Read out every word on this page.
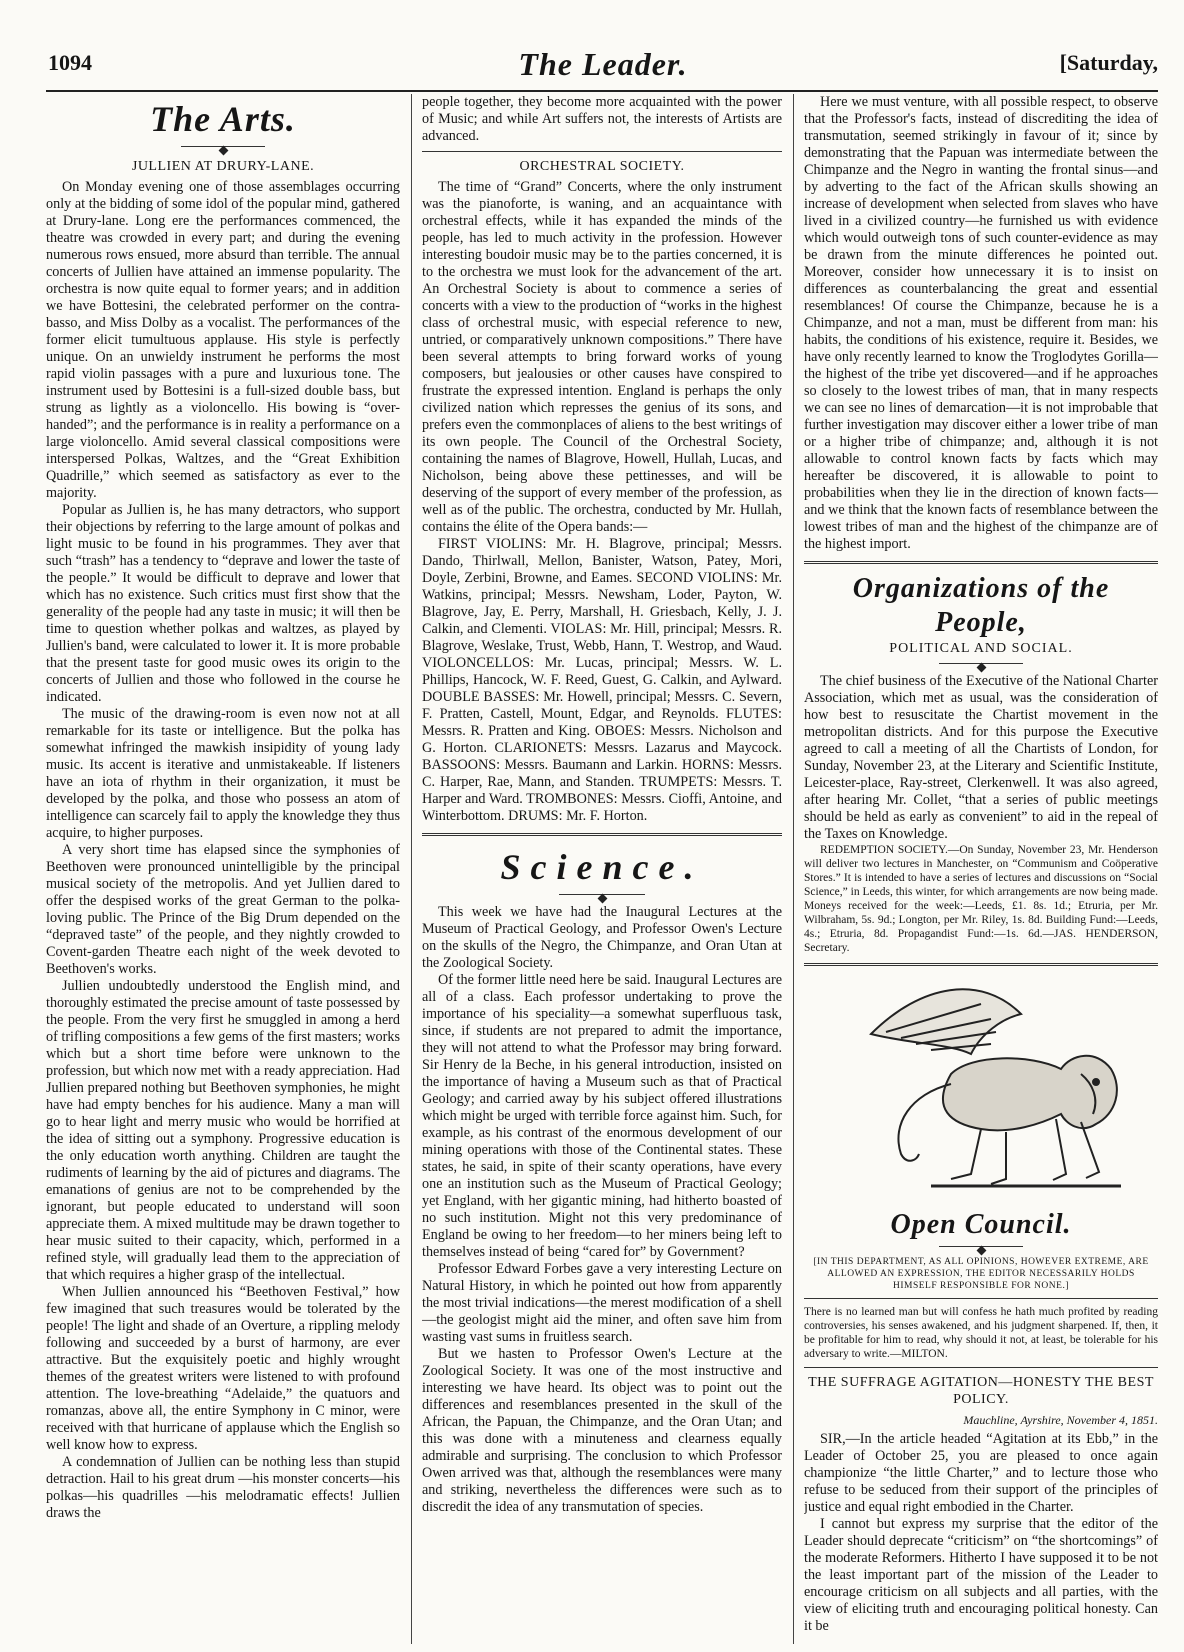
1094	The Leader.	[Saturday,
The Arts.
JULLIEN AT DRURY-LANE.

On Monday evening one of those assemblages occurring only at the bidding of some idol of the popular mind, gathered at Drury-lane. Long ere the performances commenced, the theatre was crowded in every part; and during the evening numerous rows ensued, more absurd than terrible. The annual concerts of Jullien have attained an immense popularity. The orchestra is now quite equal to former years; and in addition we have Bottesini, the celebrated performer on the contra-basso, and Miss Dolby as a vocalist. The performances of the former elicit tumultuous applause. His style is perfectly unique. On an unwieldy instrument he performs the most rapid violin passages with a pure and luxurious tone. The instrument used by Bottesini is a full-sized double bass, but strung as lightly as a violoncello. His bowing is “over-handed”; and the performance is in reality a performance on a large violoncello. Amid several classical compositions were interspersed Polkas, Waltzes, and the “Great Exhibition Quadrille,” which seemed as satisfactory as ever to the majority.

Popular as Jullien is, he has many detractors, who support their objections by referring to the large amount of polkas and light music to be found in his programmes. They aver that such “trash” has a tendency to “deprave and lower the taste of the people.” It would be difficult to deprave and lower that which has no existence. Such critics must first show that the generality of the people had any taste in music; it will then be time to question whether polkas and waltzes, as played by Jullien's band, were calculated to lower it. It is more probable that the present taste for good music owes its origin to the concerts of Jullien and those who followed in the course he indicated.

The music of the drawing-room is even now not at all remarkable for its taste or intelligence. But the polka has somewhat infringed the mawkish insipidity of young lady music. Its accent is iterative and unmistakeable. If listeners have an iota of rhythm in their organization, it must be developed by the polka, and those who possess an atom of intelligence can scarcely fail to apply the knowledge they thus acquire, to higher purposes.

A very short time has elapsed since the symphonies of Beethoven were pronounced unintelligible by the principal musical society of the metropolis. And yet Jullien dared to offer the despised works of the great German to the polka-loving public. The Prince of the Big Drum depended on the “depraved taste” of the people, and they nightly crowded to Covent-garden Theatre each night of the week devoted to Beethoven's works.

Jullien undoubtedly understood the English mind, and thoroughly estimated the precise amount of taste possessed by the people. From the very first he smuggled in among a herd of trifling compositions a few gems of the first masters; works which but a short time before were unknown to the profession, but which now met with a ready appreciation. Had Jullien prepared nothing but Beethoven symphonies, he might have had empty benches for his audience. Many a man will go to hear light and merry music who would be horrified at the idea of sitting out a symphony. Progressive education is the only education worth anything. Children are taught the rudiments of learning by the aid of pictures and diagrams. The emanations of genius are not to be comprehended by the ignorant, but people educated to understand will soon appreciate them. A mixed multitude may be drawn together to hear music suited to their capacity, which, performed in a refined style, will gradually lead them to the appreciation of that which requires a higher grasp of the intellectual.

When Jullien announced his “Beethoven Festival,” how few imagined that such treasures would be tolerated by the people! The light and shade of an Overture, a rippling melody following and succeeded by a burst of harmony, are ever attractive. But the exquisitely poetic and highly wrought themes of the greatest writers were listened to with profound attention. The love-breathing “Adelaide,” the quatuors and romanzas, above all, the entire Symphony in C minor, were received with that hurricane of applause which the English so well know how to express.

A condemnation of Jullien can be nothing less than stupid detraction. Hail to his great drum —his monster concerts—his polkas—his quadrilles —his melodramatic effects! Jullien draws the

people together, they become more acquainted with the power of Music; and while Art suffers not, the interests of Artists are advanced.

ORCHESTRAL SOCIETY.

The time of “Grand” Concerts, where the only instrument was the pianoforte, is waning, and an acquaintance with orchestral effects, while it has expanded the minds of the people, has led to much activity in the profession. However interesting boudoir music may be to the parties concerned, it is to the orchestra we must look for the advancement of the art. An Orchestral Society is about to commence a series of concerts with a view to the production of “works in the highest class of orchestral music, with especial reference to new, untried, or comparatively unknown compositions.” There have been several attempts to bring forward works of young composers, but jealousies or other causes have conspired to frustrate the expressed intention. England is perhaps the only civilized nation which represses the genius of its sons, and prefers even the commonplaces of aliens to the best writings of its own people. The Council of the Orchestral Society, containing the names of Blagrove, Howell, Hullah, Lucas, and Nicholson, being above these pettinesses, and will be deserving of the support of every member of the profession, as well as of the public. The orchestra, conducted by Mr. Hullah, contains the élite of the Opera bands:—

FIRST VIOLINS: Mr. H. Blagrove, principal; Messrs. Dando, Thirlwall, Mellon, Banister, Watson, Patey, Mori, Doyle, Zerbini, Browne, and Eames. SECOND VIOLINS: Mr. Watkins, principal; Messrs. Newsham, Loder, Payton, W. Blagrove, Jay, E. Perry, Marshall, H. Griesbach, Kelly, J. J. Calkin, and Clementi. VIOLAS: Mr. Hill, principal; Messrs. R. Blagrove, Weslake, Trust, Webb, Hann, T. Westrop, and Waud. VIOLONCELLOS: Mr. Lucas, principal; Messrs. W. L. Phillips, Hancock, W. F. Reed, Guest, G. Calkin, and Aylward. DOUBLE BASSES: Mr. Howell, principal; Messrs. C. Severn, F. Pratten, Castell, Mount, Edgar, and Reynolds. FLUTES: Messrs. R. Pratten and King. OBOES: Messrs. Nicholson and G. Horton. CLARIONETS: Messrs. Lazarus and Maycock. BASSOONS: Messrs. Baumann and Larkin. HORNS: Messrs. C. Harper, Rae, Mann, and Standen. TRUMPETS: Messrs. T. Harper and Ward. TROMBONES: Messrs. Cioffi, Antoine, and Winterbottom. DRUMS: Mr. F. Horton.

Science.

This week we have had the Inaugural Lectures at the Museum of Practical Geology, and Professor Owen's Lecture on the skulls of the Negro, the Chimpanze, and Oran Utan at the Zoological Society.

Of the former little need here be said. Inaugural Lectures are all of a class. Each professor undertaking to prove the importance of his speciality—a somewhat superfluous task, since, if students are not prepared to admit the importance, they will not attend to what the Professor may bring forward. Sir Henry de la Beche, in his general introduction, insisted on the importance of having a Museum such as that of Practical Geology; and carried away by his subject offered illustrations which might be urged with terrible force against him. Such, for example, as his contrast of the enormous development of our mining operations with those of the Continental states. These states, he said, in spite of their scanty operations, have every one an institution such as the Museum of Practical Geology; yet England, with her gigantic mining, had hitherto boasted of no such institution. Might not this very predominance of England be owing to her freedom—to her miners being left to themselves instead of being “cared for” by Government?

Professor Edward Forbes gave a very interesting Lecture on Natural History, in which he pointed out how from apparently the most trivial indications—the merest modification of a shell—the geologist might aid the miner, and often save him from wasting vast sums in fruitless search.

But we hasten to Professor Owen's Lecture at the Zoological Society. It was one of the most instructive and interesting we have heard. Its object was to point out the differences and resemblances presented in the skull of the African, the Papuan, the Chimpanze, and the Oran Utan; and this was done with a minuteness and clearness equally admirable and surprising. The conclusion to which Professor Owen arrived was that, although the resemblances were many and striking, nevertheless the differences were such as to discredit the idea of any transmutation of species.

Here we must venture, with all possible respect, to observe that the Professor's facts, instead of discrediting the idea of transmutation, seemed strikingly in favour of it; since by demonstrating that the Papuan was intermediate between the Chimpanze and the Negro in wanting the frontal sinus—and by adverting to the fact of the African skulls showing an increase of development when selected from slaves who have lived in a civilized country—he furnished us with evidence which would outweigh tons of such counter-evidence as may be drawn from the minute differences he pointed out. Moreover, consider how unnecessary it is to insist on differences as counterbalancing the great and essential resemblances! Of course the Chimpanze, because he is a Chimpanze, and not a man, must be different from man: his habits, the conditions of his existence, require it. Besides, we have only recently learned to know the Troglodytes Gorilla—the highest of the tribe yet discovered—and if he approaches so closely to the lowest tribes of man, that in many respects we can see no lines of demarcation—it is not improbable that further investigation may discover either a lower tribe of man or a higher tribe of chimpanze; and, although it is not allowable to control known facts by facts which may hereafter be discovered, it is allowable to point to probabilities when they lie in the direction of known facts—and we think that the known facts of resemblance between the lowest tribes of man and the highest of the chimpanze are of the highest import.

Organizations of the People,
POLITICAL AND SOCIAL.

The chief business of the Executive of the National Charter Association, which met as usual, was the consideration of how best to resuscitate the Chartist movement in the metropolitan districts. And for this purpose the Executive agreed to call a meeting of all the Chartists of London, for Sunday, November 23, at the Literary and Scientific Institute, Leicester-place, Ray-street, Clerkenwell. It was also agreed, after hearing Mr. Collet, “that a series of public meetings should be held as early as convenient” to aid in the repeal of the Taxes on Knowledge.

REDEMPTION SOCIETY.—On Sunday, November 23, Mr. Henderson will deliver two lectures in Manchester, on “Communism and Coöperative Stores.” It is intended to have a series of lectures and discussions on “Social Science,” in Leeds, this winter, for which arrangements are now being made. Moneys received for the week:—Leeds, £1. 8s. 1d.; Etruria, per Mr. Wilbraham, 5s. 9d.; Longton, per Mr. Riley, 1s. 8d. Building Fund:—Leeds, 4s.; Etruria, 8d. Propagandist Fund:—1s. 6d.—JAS. HENDERSON, Secretary.

Open Council.
[IN THIS DEPARTMENT, AS ALL OPINIONS, HOWEVER EXTREME, ARE ALLOWED AN EXPRESSION, THE EDITOR NECESSARILY HOLDS HIMSELF RESPONSIBLE FOR NONE.]

There is no learned man but will confess he hath much profited by reading controversies, his senses awakened, and his judgment sharpened. If, then, it be profitable for him to read, why should it not, at least, be tolerable for his adversary to write.—MILTON.

THE SUFFRAGE AGITATION—HONESTY THE BEST POLICY.
Mauchline, Ayrshire, November 4, 1851.

SIR,—In the article headed “Agitation at its Ebb,” in the Leader of October 25, you are pleased to once again championize “the little Charter,” and to lecture those who refuse to be seduced from their support of the principles of justice and equal right embodied in the Charter.

I cannot but express my surprise that the editor of the Leader should deprecate “criticism” on “the shortcomings” of the moderate Reformers. Hitherto I have supposed it to be not the least important part of the mission of the Leader to encourage criticism on all subjects and all parties, with the view of eliciting truth and encouraging political honesty. Can it be
